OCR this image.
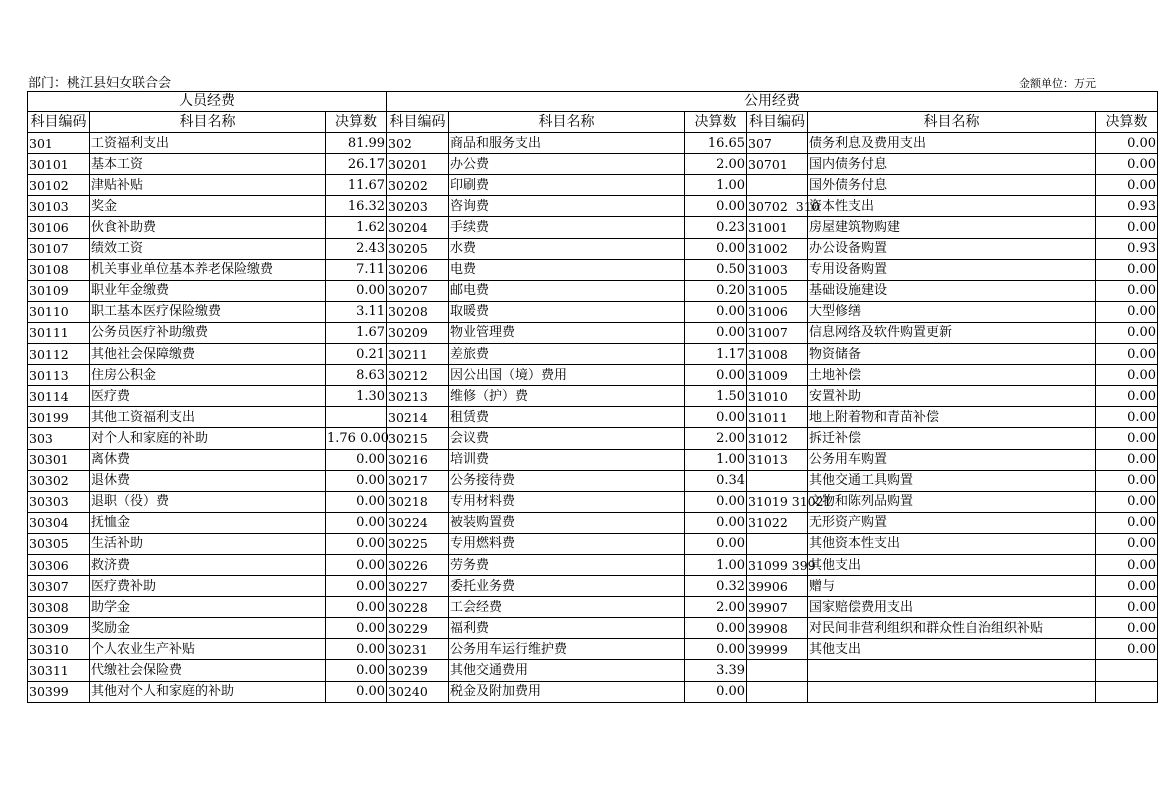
部门：桃江县妇女联合会	金额单位：万元
人员经费			公用经费					
科目编码	科目名称	决算数	科目编码	科目名称	决算数	科目编码	科目名称	决算数
301	工资福利支出	81.99	302	商品和服务支出	16.65	307	债务利息及费用支出	0.00
30101	基本工资	26.17	30201	办公费	2.00	30701	国内债务付息	0.00
30102	津贴补贴	11.67	30202	印刷费	1.00		国外债务付息	0.00
30103	奖金	16.32	30203	咨询费	0.00	30702  310	资本性支出	0.93
30106	伙食补助费	1.62	30204	手续费	0.23	31001	房屋建筑物购建	0.00
30107	绩效工资	2.43	30205	水费	0.00	31002	办公设备购置	0.93
30108	机关事业单位基本养老保险缴费	7.11	30206	电费	0.50	31003	专用设备购置	0.00
30109	职业年金缴费	0.00	30207	邮电费	0.20	31005	基础设施建设	0.00
30110	职工基本医疗保险缴费	3.11	30208	取暖费	0.00	31006	大型修缮	0.00
30111	公务员医疗补助缴费	1.67	30209	物业管理费	0.00	31007	信息网络及软件购置更新	0.00
30112	其他社会保障缴费	0.21	30211	差旅费	1.17	31008	物资储备	0.00
30113	住房公积金	8.63	30212	因公出国（境）费用	0.00	31009	土地补偿	0.00
30114	医疗费	1.30	30213	维修（护）费	1.50	31010	安置补助	0.00
30199	其他工资福利支出		30214	租赁费	0.00	31011	地上附着物和青苗补偿	0.00
303	对个人和家庭的补助	1.76 0.00	30215	会议费	2.00	31012	拆迁补偿	0.00
30301	离休费	0.00	30216	培训费	1.00	31013	公务用车购置	0.00
30302	退休费	0.00	30217	公务接待费	0.34		其他交通工具购置	0.00
30303	退职（役）费	0.00	30218	专用材料费	0.00	31019 31021	文物和陈列品购置	0.00
30304	抚恤金	0.00	30224	被装购置费	0.00	31022	无形资产购置	0.00
30305	生活补助	0.00	30225	专用燃料费	0.00		其他资本性支出	0.00
30306	救济费	0.00	30226	劳务费	1.00	31099 399	其他支出	0.00
30307	医疗费补助	0.00	30227	委托业务费	0.32	39906	赠与	0.00
30308	助学金	0.00	30228	工会经费	2.00	39907	国家赔偿费用支出	0.00
30309	奖励金	0.00	30229	福利费	0.00	39908	对民间非营利组织和群众性自治组织补贴	0.00
30310	个人农业生产补贴	0.00	30231	公务用车运行维护费	0.00	39999	其他支出	0.00
30311	代缴社会保险费	0.00	30239	其他交通费用	3.39			
30399	其他对个人和家庭的补助	0.00	30240	税金及附加费用	0.00			
